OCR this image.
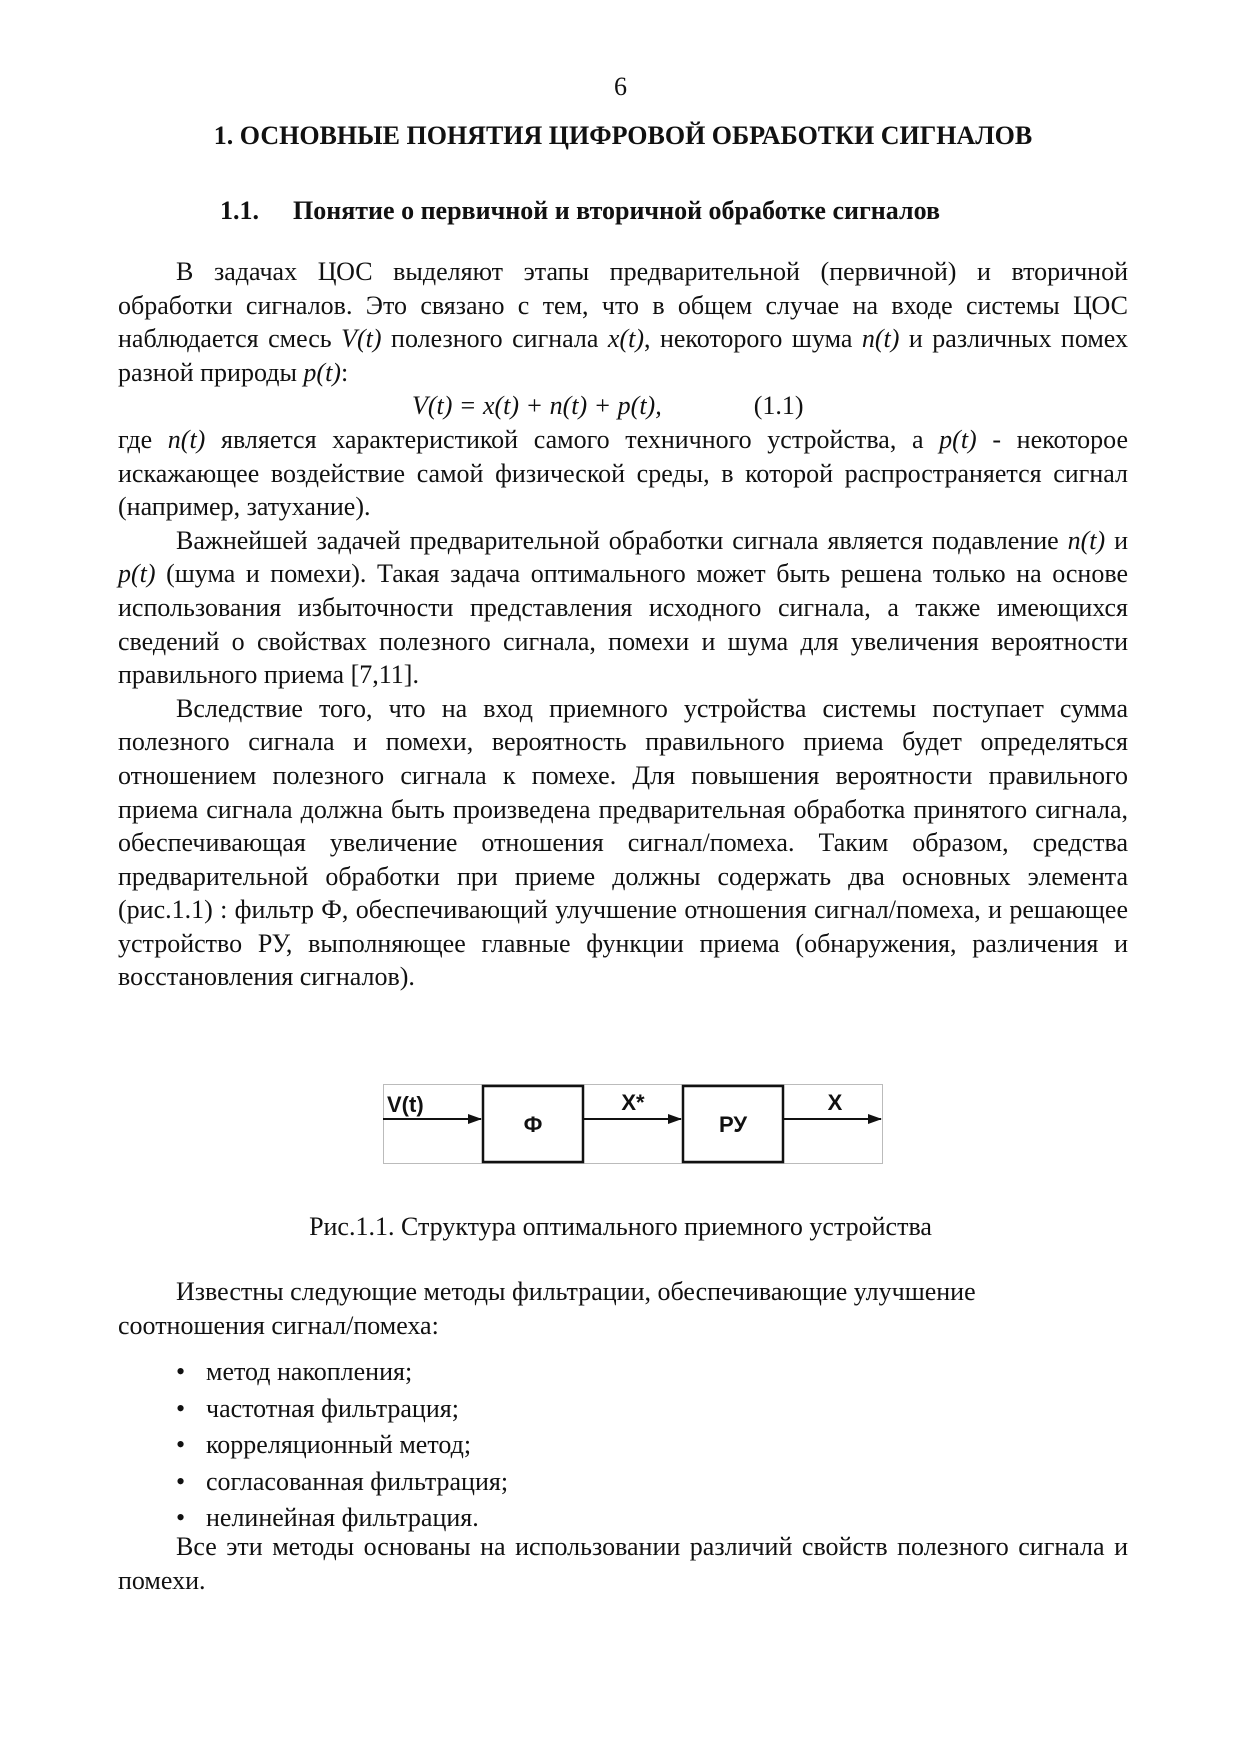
6
1. ОСНОВНЫЕ ПОНЯТИЯ ЦИФРОВОЙ ОБРАБОТКИ СИГНАЛОВ
1.1. Понятие о первичной и вторичной обработке сигналов

В задачах ЦОС выделяют этапы предварительной (первичной) и вторичной обработки сигналов. Это связано с тем, что в общем случае на входе системы ЦОС наблюдается смесь V(t) полезного сигнала x(t), некоторого шума n(t) и различных помех разной природы p(t):

V(t) = x(t) + n(t) + p(t),	(1.1)

где n(t) является характеристикой самого техничного устройства, а p(t) - некоторое искажающее воздействие самой физической среды, в которой распространяется сигнал (например, затухание).

Важнейшей задачей предварительной обработки сигнала является подавление n(t) и p(t) (шума и помехи). Такая задача оптимального может быть решена только на основе использования избыточности представления исходного сигнала, а также имеющихся сведений о свойствах полезного сигнала, помехи и шума для увеличения вероятности правильного приема [7,11].

Вследствие того, что на вход приемного устройства системы поступает сумма полезного сигнала и помехи, вероятность правильного приема будет определяться отношением полезного сигнала к помехе. Для повышения вероятности правильного приема сигнала должна быть произведена предварительная обработка принятого сигнала, обеспечивающая увеличение отношения сигнал/помеха. Таким образом, средства предварительной обработки при приеме должны содержать два основных элемента (рис.1.1) : фильтр Ф, обеспечивающий улучшение отношения сигнал/помеха, и решающее устройство РУ, выполняющее главные функции приема (обнаружения, различения и восстановления сигналов).

V(t)
Ф
X*
РУ
X
Рис.1.1. Структура оптимального приемного устройства

Известны следующие методы фильтрации, обеспечивающие улучшение соотношения сигнал/помеха:

• метод накопления;
• частотная фильтрация;
• корреляционный метод;
• согласованная фильтрация;
• нелинейная фильтрация.

Все эти методы основаны на использовании различий свойств полезного сигнала и помехи.
